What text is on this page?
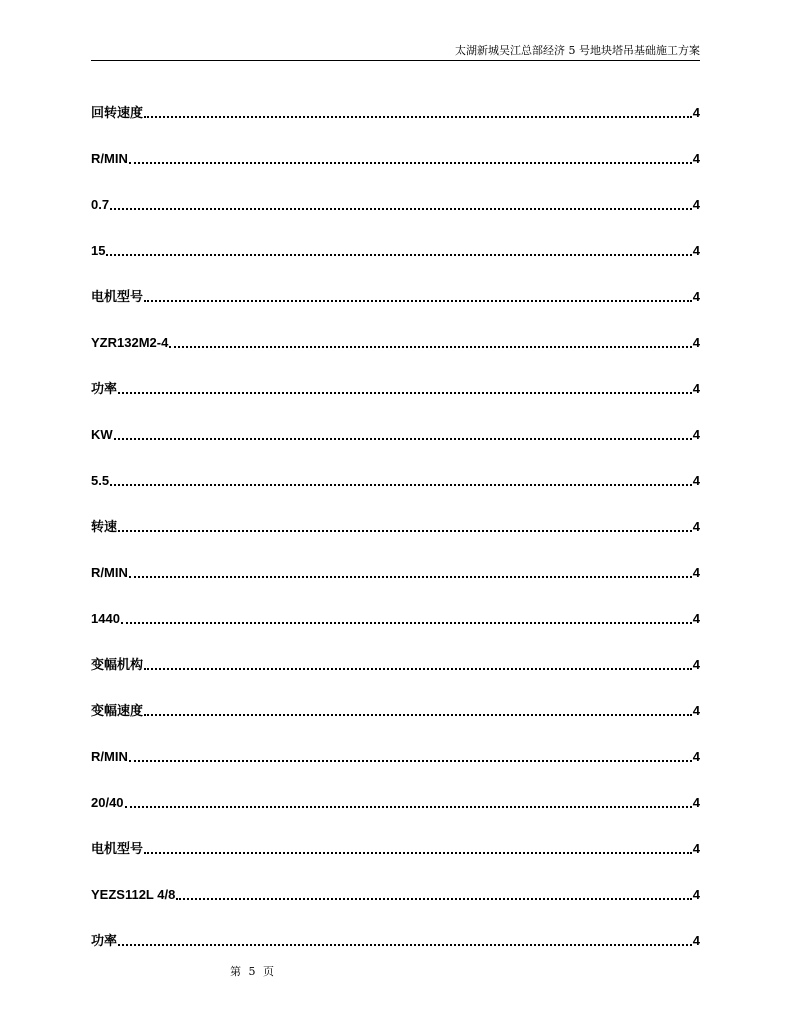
太湖新城吴江总部经济 5 号地块塔吊基础施工方案
回转速度	4
R/MIN	4
0.7	4
15	4
电机型号	4
YZR132M2-4	4
功率	4
KW	4
5.5	4
转速	4
R/MIN	4
1440	4
变幅机构	4
变幅速度	4
R/MIN	4
20/40	4
电机型号	4
YEZS112L 4/8	4
功率	4
第 5 页
